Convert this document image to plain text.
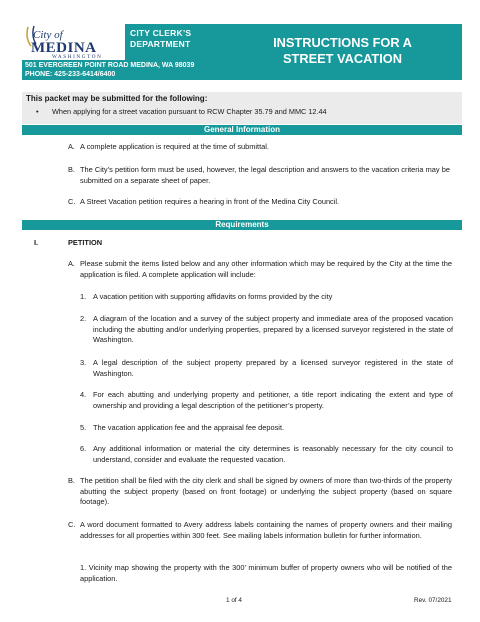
City of
MEDINA
WASHINGTON
CITY CLERK’S
DEPARTMENT
501 EVERGREEN POINT ROAD MEDINA, WA 98039
PHONE: 425-233-6414/6400
INSTRUCTIONS FOR A
STREET VACATION
This packet may be submitted for the following:
• When applying for a street vacation pursuant to RCW Chapter 35.79 and MMC 12.44
General Information
A. A complete application is required at the time of submittal.
B. The City’s petition form must be used, however, the legal description and answers to the vacation criteria may be submitted on a separate sheet of paper.
C. A Street Vacation petition requires a hearing in front of the Medina City Council.
Requirements
I.	PETITION
A. Please submit the items listed below and any other information which may be required by the City at the time the application is filed. A complete application will include:
1. A vacation petition with supporting affidavits on forms provided by the city
2. A diagram of the location and a survey of the subject property and immediate area of the proposed vacation including the abutting and/or underlying properties, prepared by a licensed surveyor registered in the state of Washington.
3. A legal description of the subject property prepared by a licensed surveyor registered in the state of Washington.
4. For each abutting and underlying property and petitioner, a title report indicating the extent and type of ownership and providing a legal description of the petitioner’s property.
5. The vacation application fee and the appraisal fee deposit.
6. Any additional information or material the city determines is reasonably necessary for the city council to understand, consider and evaluate the requested vacation.
B. The petition shall be filed with the city clerk and shall be signed by owners of more than two-thirds of the property abutting the subject property (based on front footage) or underlying the subject property (based on square footage).
C. A word document formatted to Avery address labels containing the names of property owners and their mailing addresses for all properties within 300 feet. See mailing labels information bulletin for further information.
1. Vicinity map showing the property with the 300’ minimum buffer of property owners who will be notified of the application.
1 of 4	Rev. 07/2021
